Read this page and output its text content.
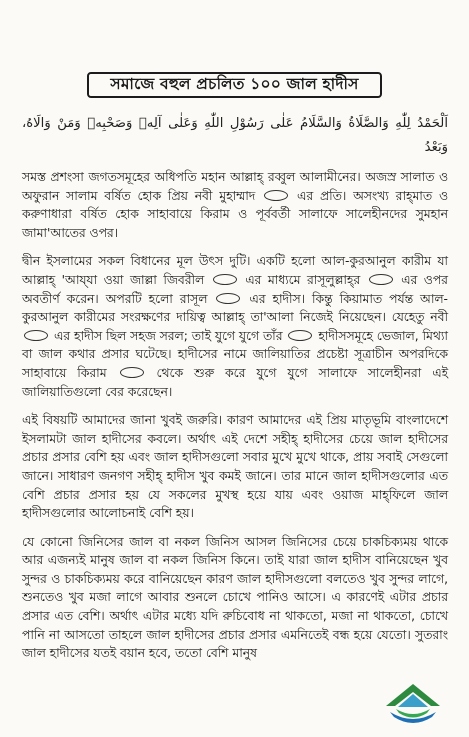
সমাজে বহুল প্রচলিত ১০০ জাল হাদীস
اَلْحَمْدُ لِلّٰهِ وَالصَّلَاةُ وَالسَّلَامُ عَلٰى رَسُوْلِ اللّٰهِ وَعَلٰى آلِهٖ وَصَحْبِهٖ وَمَنْ وَالَاهُ، وَبَعْدُ

সমস্ত প্রশংসা জগতসমূহের অধিপতি মহান আল্লাহ্‌ রব্বুল আলামীনের। অজস্র সালাত ও অফুরান সালাম বর্ষিত হোক প্রিয় নবী মুহাম্মাদ	এর প্রতি। অসংখ্য রাহ্‌মাত ও করুণাধারা বর্ষিত হোক সাহাবায়ে কিরাম ও পূর্ববর্তী সালাফে সালেহীনদের সুমহান জামা'আতের ওপর।

দ্বীন ইসলামের সকল বিধানের মূল উৎস দুটি। একটি হলো আল-কুরআনুল কারীম যা আল্লাহ্‌ 'আয্‌যা ওয়া জাল্লা জিবরীল	এর মাধ্যমে রাসূলুল্লাহ্‌র	এর ওপর অবতীর্ণ করেন। অপরটি হলো রাসূল	এর হাদীস। কিন্তু কিয়ামাত পর্যন্ত আল-কুরআনুল কারীমের সংরক্ষণের দায়িত্ব আল্লাহ্‌ তা'আলা নিজেই নিয়েছেন। যেহেতু নবী  এর হাদীস ছিল সহজ সরল; তাই যুগে যুগে তাঁর	হাদীসসমূহে ভেজাল, মিথ্যা বা জাল কথার প্রসার ঘটেছে। হাদীসের নামে জালিয়াতির প্রচেষ্টা সূত্রাচীন অপরদিকে সাহাবায়ে কিরাম	থেকে শুরু করে যুগে যুগে সালাফে সালেহীনরা এই জালিয়াতিগুলো বের করেছেন।

এই বিষয়টি আমাদের জানা খুবই জরুরি। কারণ আমাদের এই প্রিয় মাতৃভূমি বাংলাদেশে ইসলামটা জাল হাদীসের কবলে। অর্থাৎ এই দেশে সহীহ্‌ হাদীসের চেয়ে জাল হাদীসের প্রচার প্রসার বেশি হয় এবং জাল হাদীসগুলো সবার মুখে মুখে থাকে, প্রায় সবাই সেগুলো জানে। সাধারণ জনগণ সহীহ্‌ হাদীস খুব কমই জানে। তার মানে জাল হাদীসগুলোর এত বেশি প্রচার প্রসার হয় যে সকলের মুখস্থ হয়ে যায় এবং ওয়াজ মাহ্‌ফিলে জাল হাদীসগুলোর আলোচনাই বেশি হয়।

যে কোনো জিনিসের জাল বা নকল জিনিস আসল জিনিসের চেয়ে চাকচিক্যময় থাকে আর এজন্যই মানুষ জাল বা নকল জিনিস কিনে। তাই যারা জাল হাদীস বানিয়েছেন খুব সুন্দর ও চাকচিক্যময় করে বানিয়েছেন কারণ জাল হাদীসগুলো বলতেও খুব সুন্দর লাগে, শুনতেও খুব মজা লাগে আবার শুনলে চোখে পানিও আসে। এ কারণেই এটার প্রচার প্রসার এত বেশি। অর্থাৎ এটার মধ্যে যদি রুচিবোধ না থাকতো, মজা না থাকতো, চোখে পানি না আসতো তাহলে জাল হাদীসের প্রচার প্রসার এমনিতেই বন্ধ হয়ে যেতো। সুতরাং জাল হাদীসের যতই বয়ান হবে, ততো বেশি মানুষ
